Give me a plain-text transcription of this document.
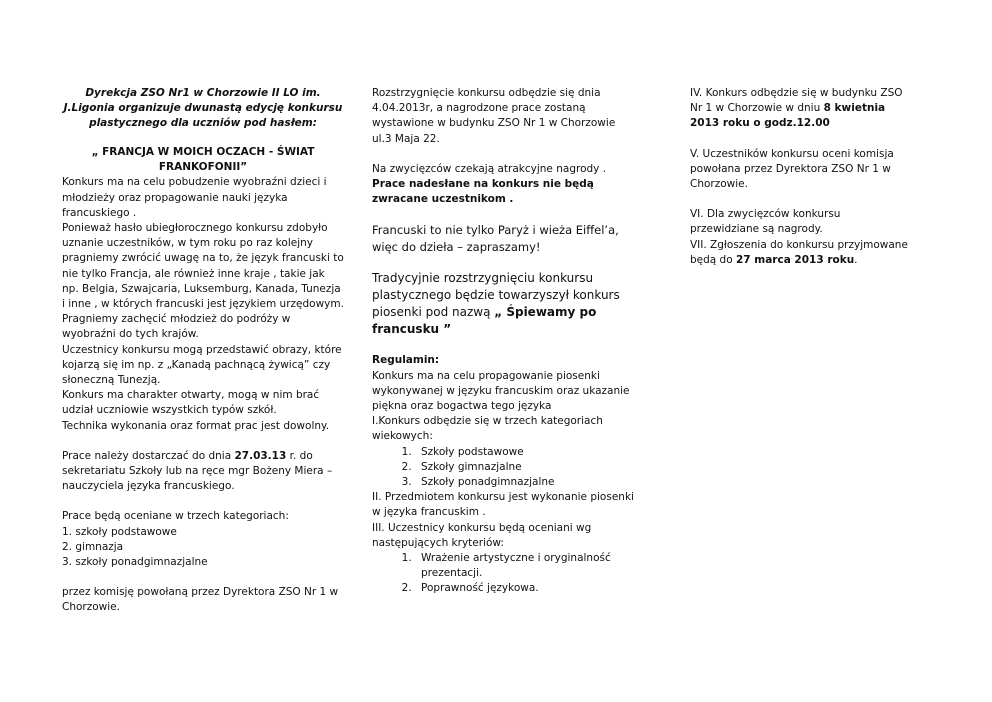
Dyrekcja ZSO Nr1 w Chorzowie II LO im. J.Ligonia organizuje dwunastą edycję konkursu plastycznego dla uczniów pod hasłem:

„ FRANCJA W MOICH OCZACH - ŚWIAT FRANKOFONII”

Konkurs ma na celu pobudzenie wyobraźni dzieci i młodzieży oraz propagowanie nauki języka francuskiego .

Ponieważ hasło ubiegłorocznego konkursu zdobyło uznanie uczestników, w tym roku po raz kolejny pragniemy zwrócić uwagę na to, że język francuski to nie tylko Francja, ale również inne kraje , takie jak np. Belgia, Szwajcaria, Luksemburg, Kanada, Tunezja i inne , w których francuski jest językiem urzędowym.

Pragniemy zachęcić młodzież do podróży w wyobraźni do tych krajów.

Uczestnicy konkursu mogą przedstawić obrazy, które kojarzą się im np. z „Kanadą pachnącą żywicą” czy słoneczną Tunezją.

Konkurs ma charakter otwarty, mogą w nim brać udział uczniowie wszystkich typów szkół.

Technika wykonania oraz format prac jest dowolny.

Prace należy dostarczać do dnia 27.03.13 r. do sekretariatu Szkoły lub na ręce mgr Bożeny Miera – nauczyciela języka francuskiego.

Prace będą oceniane w trzech kategoriach:

1. szkoły podstawowe
2. gimnazja
3. szkoły ponadgimnazjalne

przez komisję powołaną przez Dyrektora ZSO Nr 1 w Chorzowie.

Rozstrzygnięcie konkursu odbędzie się dnia 4.04.2013r, a nagrodzone prace zostaną wystawione w budynku ZSO Nr 1 w Chorzowie ul.3 Maja 22.

Na zwycięzców czekają atrakcyjne nagrody .

Prace nadesłane na konkurs nie będą zwracane uczestnikom .

Francuski to nie tylko Paryż i wieża Eiffel’a, więc do dzieła – zapraszamy!

Tradycyjnie rozstrzygnięciu konkursu plastycznego będzie towarzyszył konkurs piosenki pod nazwą „ Śpiewamy po francusku ”

Regulamin:

Konkurs ma na celu propagowanie piosenki wykonywanej w języku francuskim oraz ukazanie piękna oraz bogactwa tego języka

I.Konkurs odbędzie się w trzech kategoriach wiekowych:

1. Szkoły podstawowe
2. Szkoły gimnazjalne
3. Szkoły ponadgimnazjalne

II. Przedmiotem konkursu jest wykonanie piosenki w języka francuskim .

III. Uczestnicy konkursu będą oceniani wg następujących kryteriów:

1. Wrażenie artystyczne i oryginalność prezentacji.
2. Poprawność językowa.

IV. Konkurs odbędzie się w budynku ZSO Nr 1 w Chorzowie w dniu 8 kwietnia 2013 roku o godz.12.00

V. Uczestników konkursu oceni komisja powołana przez Dyrektora ZSO Nr 1 w Chorzowie.

VI. Dla zwycięzców konkursu przewidziane są nagrody.

VII. Zgłoszenia do konkursu przyjmowane będą do 27 marca 2013 roku.
